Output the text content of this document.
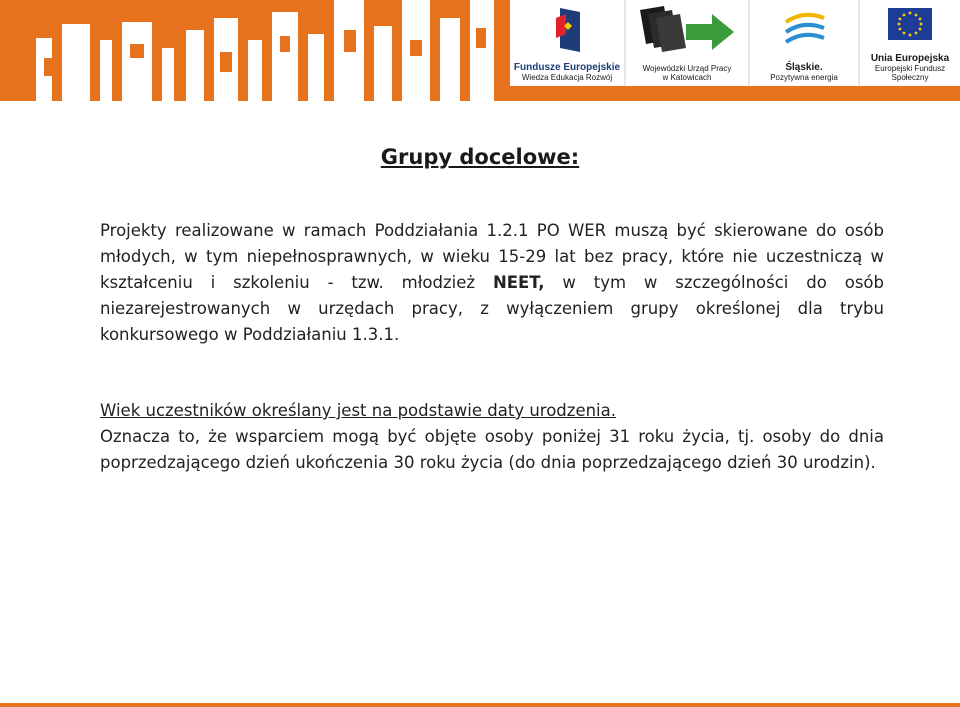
Fundusze Europejskie
Wiedza Edukacja Rozwój
Wojewódzki Urząd Pracy
w Katowicach
Śląskie.
Pozytywna energia
Unia Europejska
Europejski Fundusz Społeczny
Grupy docelowe:
Projekty realizowane w ramach Poddziałania 1.2.1 PO WER muszą być skierowane do osób młodych, w tym niepełnosprawnych, w wieku 15-29 lat bez pracy, które nie uczestniczą w kształceniu i szkoleniu - tzw. młodzież NEET, w tym w szczególności do osób niezarejestrowanych w urzędach pracy, z wyłączeniem grupy określonej dla trybu konkursowego w Poddziałaniu 1.3.1.
Wiek uczestników określany jest na podstawie daty urodzenia.
Oznacza to, że wsparciem mogą być objęte osoby poniżej 31 roku życia, tj. osoby do dnia poprzedzającego dzień ukończenia 30 roku życia (do dnia poprzedzającego dzień 30 urodzin).
